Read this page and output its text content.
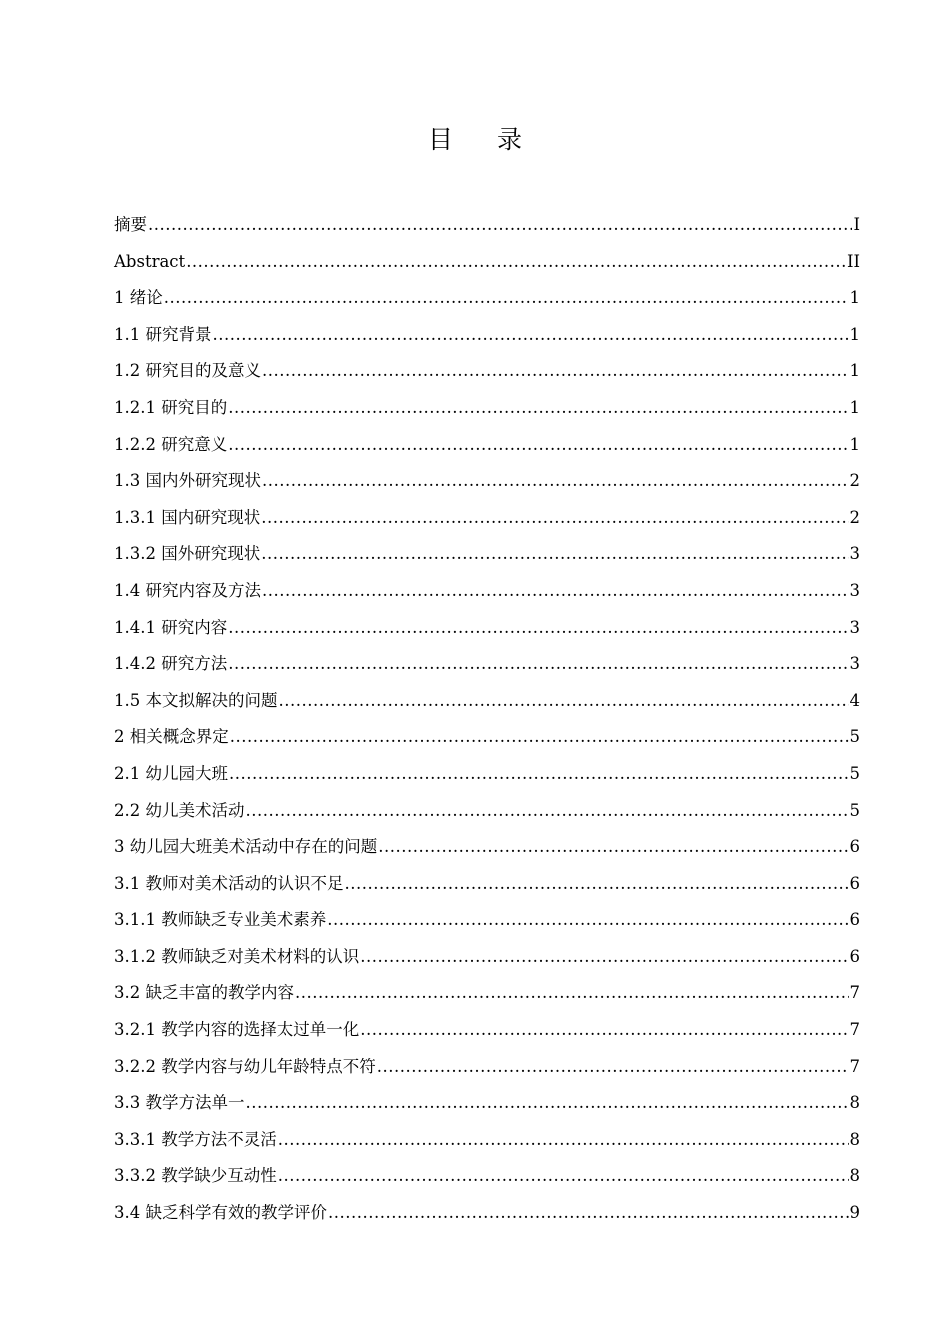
目 录
摘要 .....	I
Abstract .....	II
1 绪论 .....	1
1.1 研究背景 .....	1
1.2 研究目的及意义 .....	1
1.2.1 研究目的 .....	1
1.2.2 研究意义 .....	1
1.3 国内外研究现状 .....	2
1.3.1 国内研究现状 .....	2
1.3.2 国外研究现状 .....	3
1.4 研究内容及方法 .....	3
1.4.1 研究内容 .....	3
1.4.2 研究方法 .....	3
1.5 本文拟解决的问题 .....	4
2 相关概念界定 .....	5
2.1 幼儿园大班 .....	5
2.2 幼儿美术活动 .....	5
3 幼儿园大班美术活动中存在的问题 .....	6
3.1 教师对美术活动的认识不足 .....	6
3.1.1 教师缺乏专业美术素养 .....	6
3.1.2 教师缺乏对美术材料的认识 .....	6
3.2 缺乏丰富的教学内容 .....	7
3.2.1 教学内容的选择太过单一化 .....	7
3.2.2 教学内容与幼儿年龄特点不符 .....	7
3.3 教学方法单一 .....	8
3.3.1 教学方法不灵活 .....	8
3.3.2 教学缺少互动性 .....	8
3.4 缺乏科学有效的教学评价 .....	9
